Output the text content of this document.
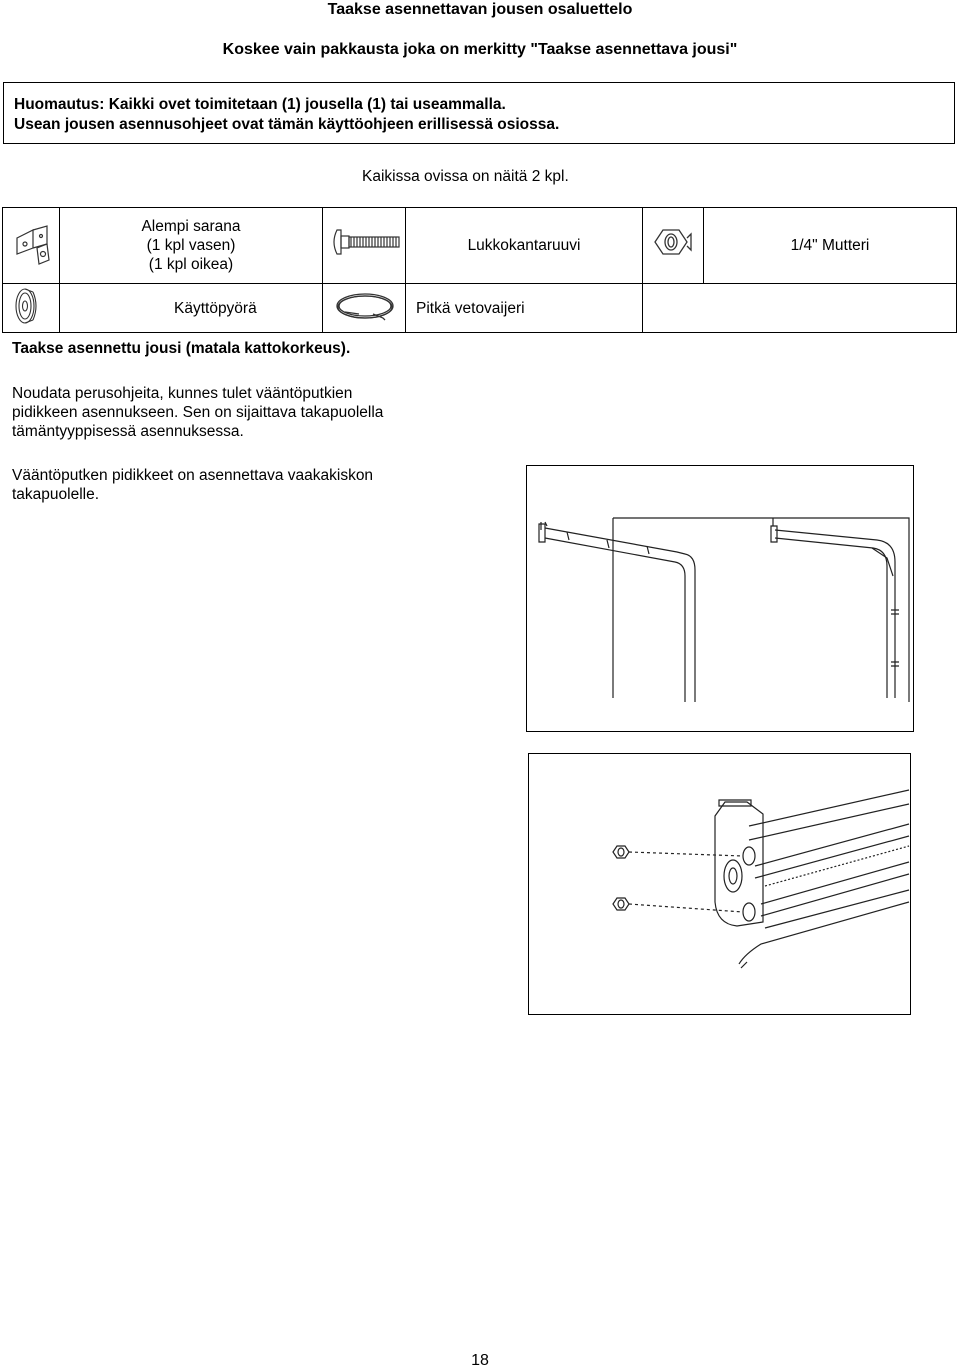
Taakse asennettavan jousen osaluettelo
Koskee vain pakkausta joka on merkitty "Taakse asennettava jousi"
Huomautus: Kaikki ovet toimitetaan (1) jousella (1) tai useammalla.
Usean jousen asennusohjeet ovat tämän käyttöohjeen erillisessä osiossa.
Kaikissa ovissa on näitä 2 kpl.

Alempi sarana
(1 kpl vasen)
(1 kpl oikea)		Lukkokantaruuvi		1/4" Mutteri
	Käyttöpyörä		Pitkä vetovaijeri		
Taakse asennettu jousi (matala kattokorkeus).
Noudata perusohjeita, kunnes tulet vääntöputkien
pidikkeen asennukseen. Sen on sijaittava takapuolella
tämäntyyppisessä asennuksessa.
Vääntöputken pidikkeet on asennettava vaakakiskon
takapuolelle.
18
